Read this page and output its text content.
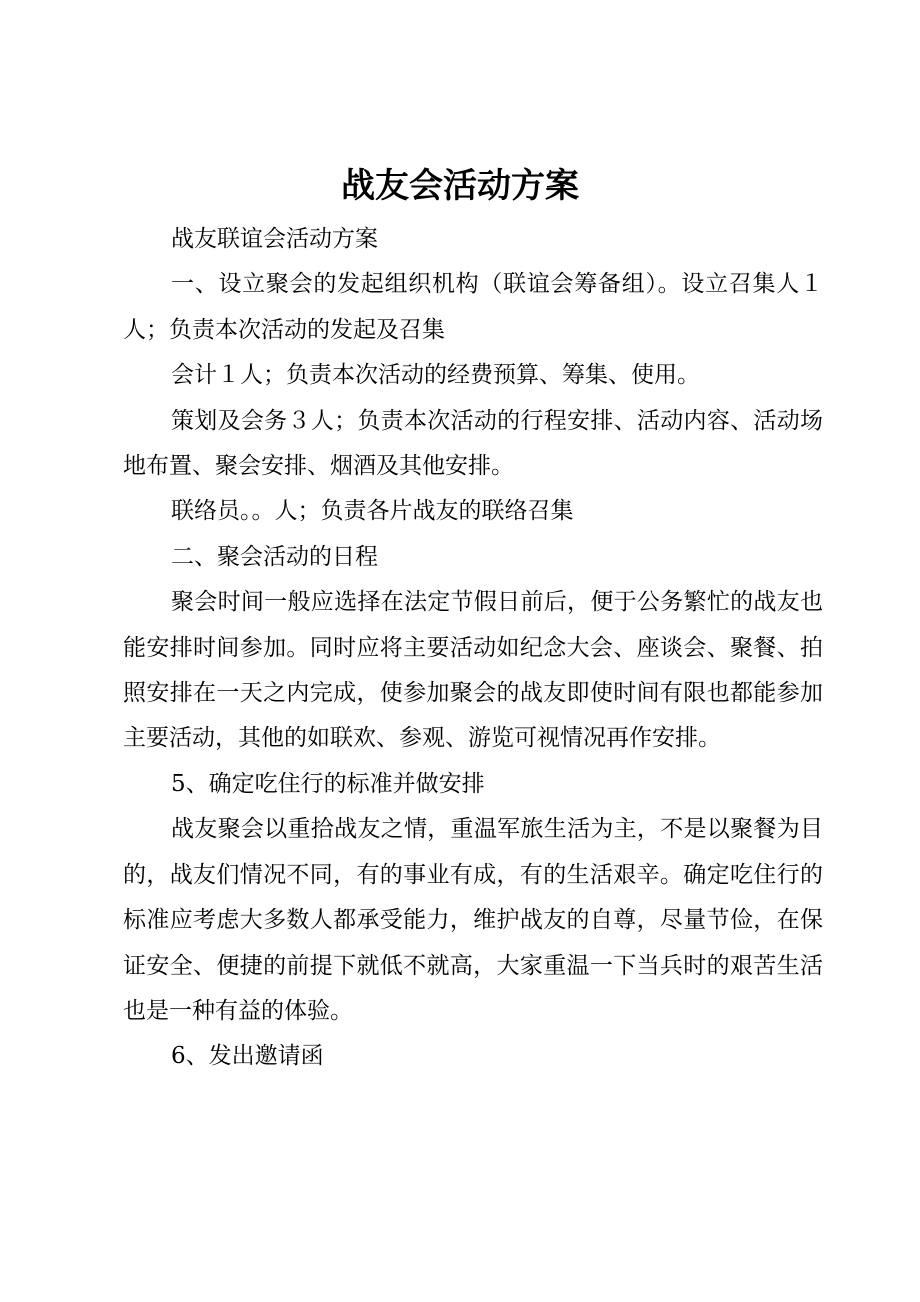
战友会活动方案

战友联谊会活动方案

一、设立聚会的发起组织机构（联谊会筹备组）。设立召集人１人；负责本次活动的发起及召集

会计１人；负责本次活动的经费预算、筹集、使用。

策划及会务３人；负责本次活动的行程安排、活动内容、活动场地布置、聚会安排、烟酒及其他安排。

联络员。。人；负责各片战友的联络召集

二、聚会活动的日程

聚会时间一般应选择在法定节假日前后，便于公务繁忙的战友也能安排时间参加。同时应将主要活动如纪念大会、座谈会、聚餐、拍照安排在一天之内完成，使参加聚会的战友即使时间有限也都能参加主要活动，其他的如联欢、参观、游览可视情况再作安排。

5、确定吃住行的标准并做安排

战友聚会以重拾战友之情，重温军旅生活为主，不是以聚餐为目的，战友们情况不同，有的事业有成，有的生活艰辛。确定吃住行的标准应考虑大多数人都承受能力，维护战友的自尊，尽量节俭，在保证安全、便捷的前提下就低不就高，大家重温一下当兵时的艰苦生活也是一种有益的体验。

6、发出邀请函
